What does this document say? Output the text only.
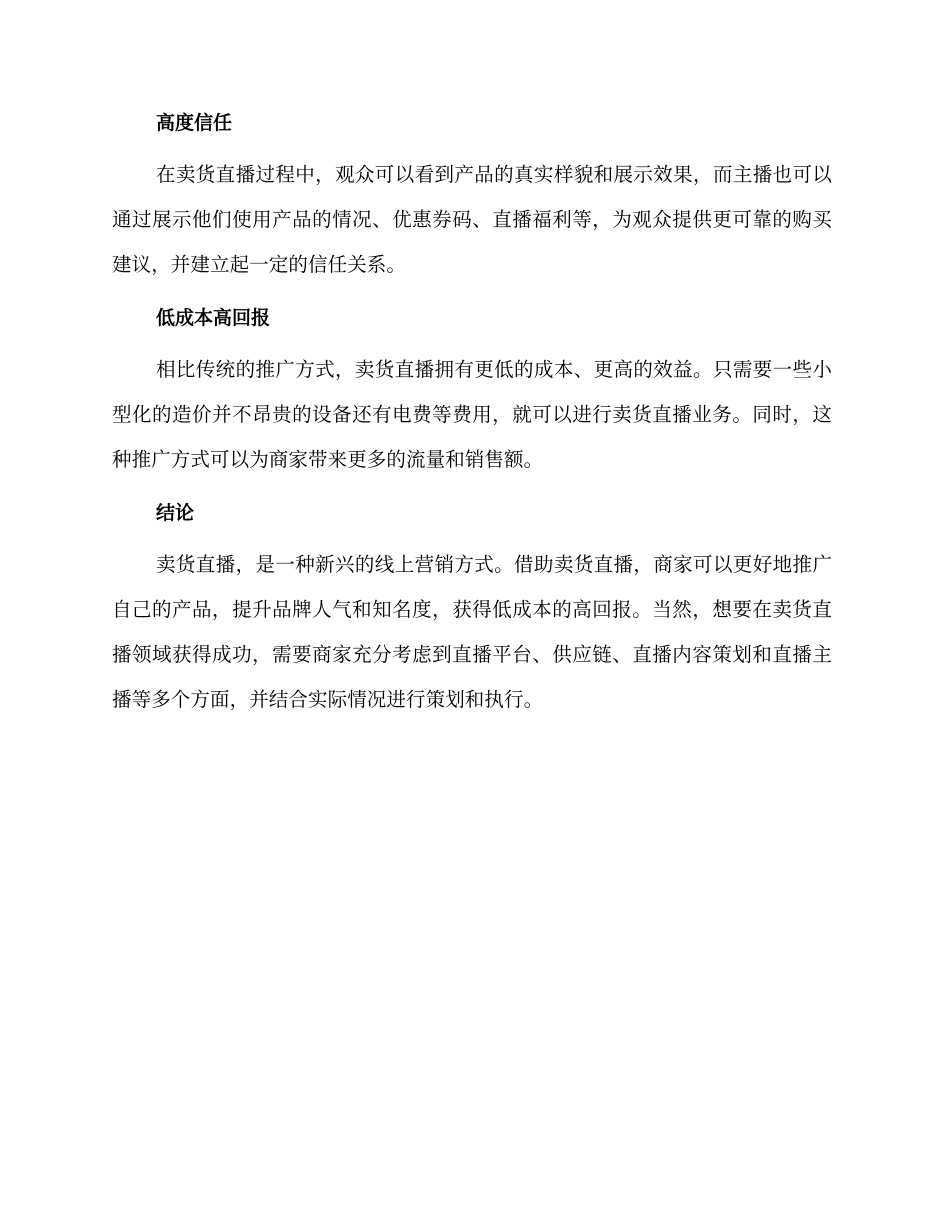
高度信任

在卖货直播过程中，观众可以看到产品的真实样貌和展示效果，而主播也可以通过展示他们使用产品的情况、优惠券码、直播福利等，为观众提供更可靠的购买建议，并建立起一定的信任关系。

低成本高回报

相比传统的推广方式，卖货直播拥有更低的成本、更高的效益。只需要一些小型化的造价并不昂贵的设备还有电费等费用，就可以进行卖货直播业务。同时，这种推广方式可以为商家带来更多的流量和销售额。

结论

卖货直播，是一种新兴的线上营销方式。借助卖货直播，商家可以更好地推广自己的产品，提升品牌人气和知名度，获得低成本的高回报。当然，想要在卖货直播领域获得成功，需要商家充分考虑到直播平台、供应链、直播内容策划和直播主播等多个方面，并结合实际情况进行策划和执行。
